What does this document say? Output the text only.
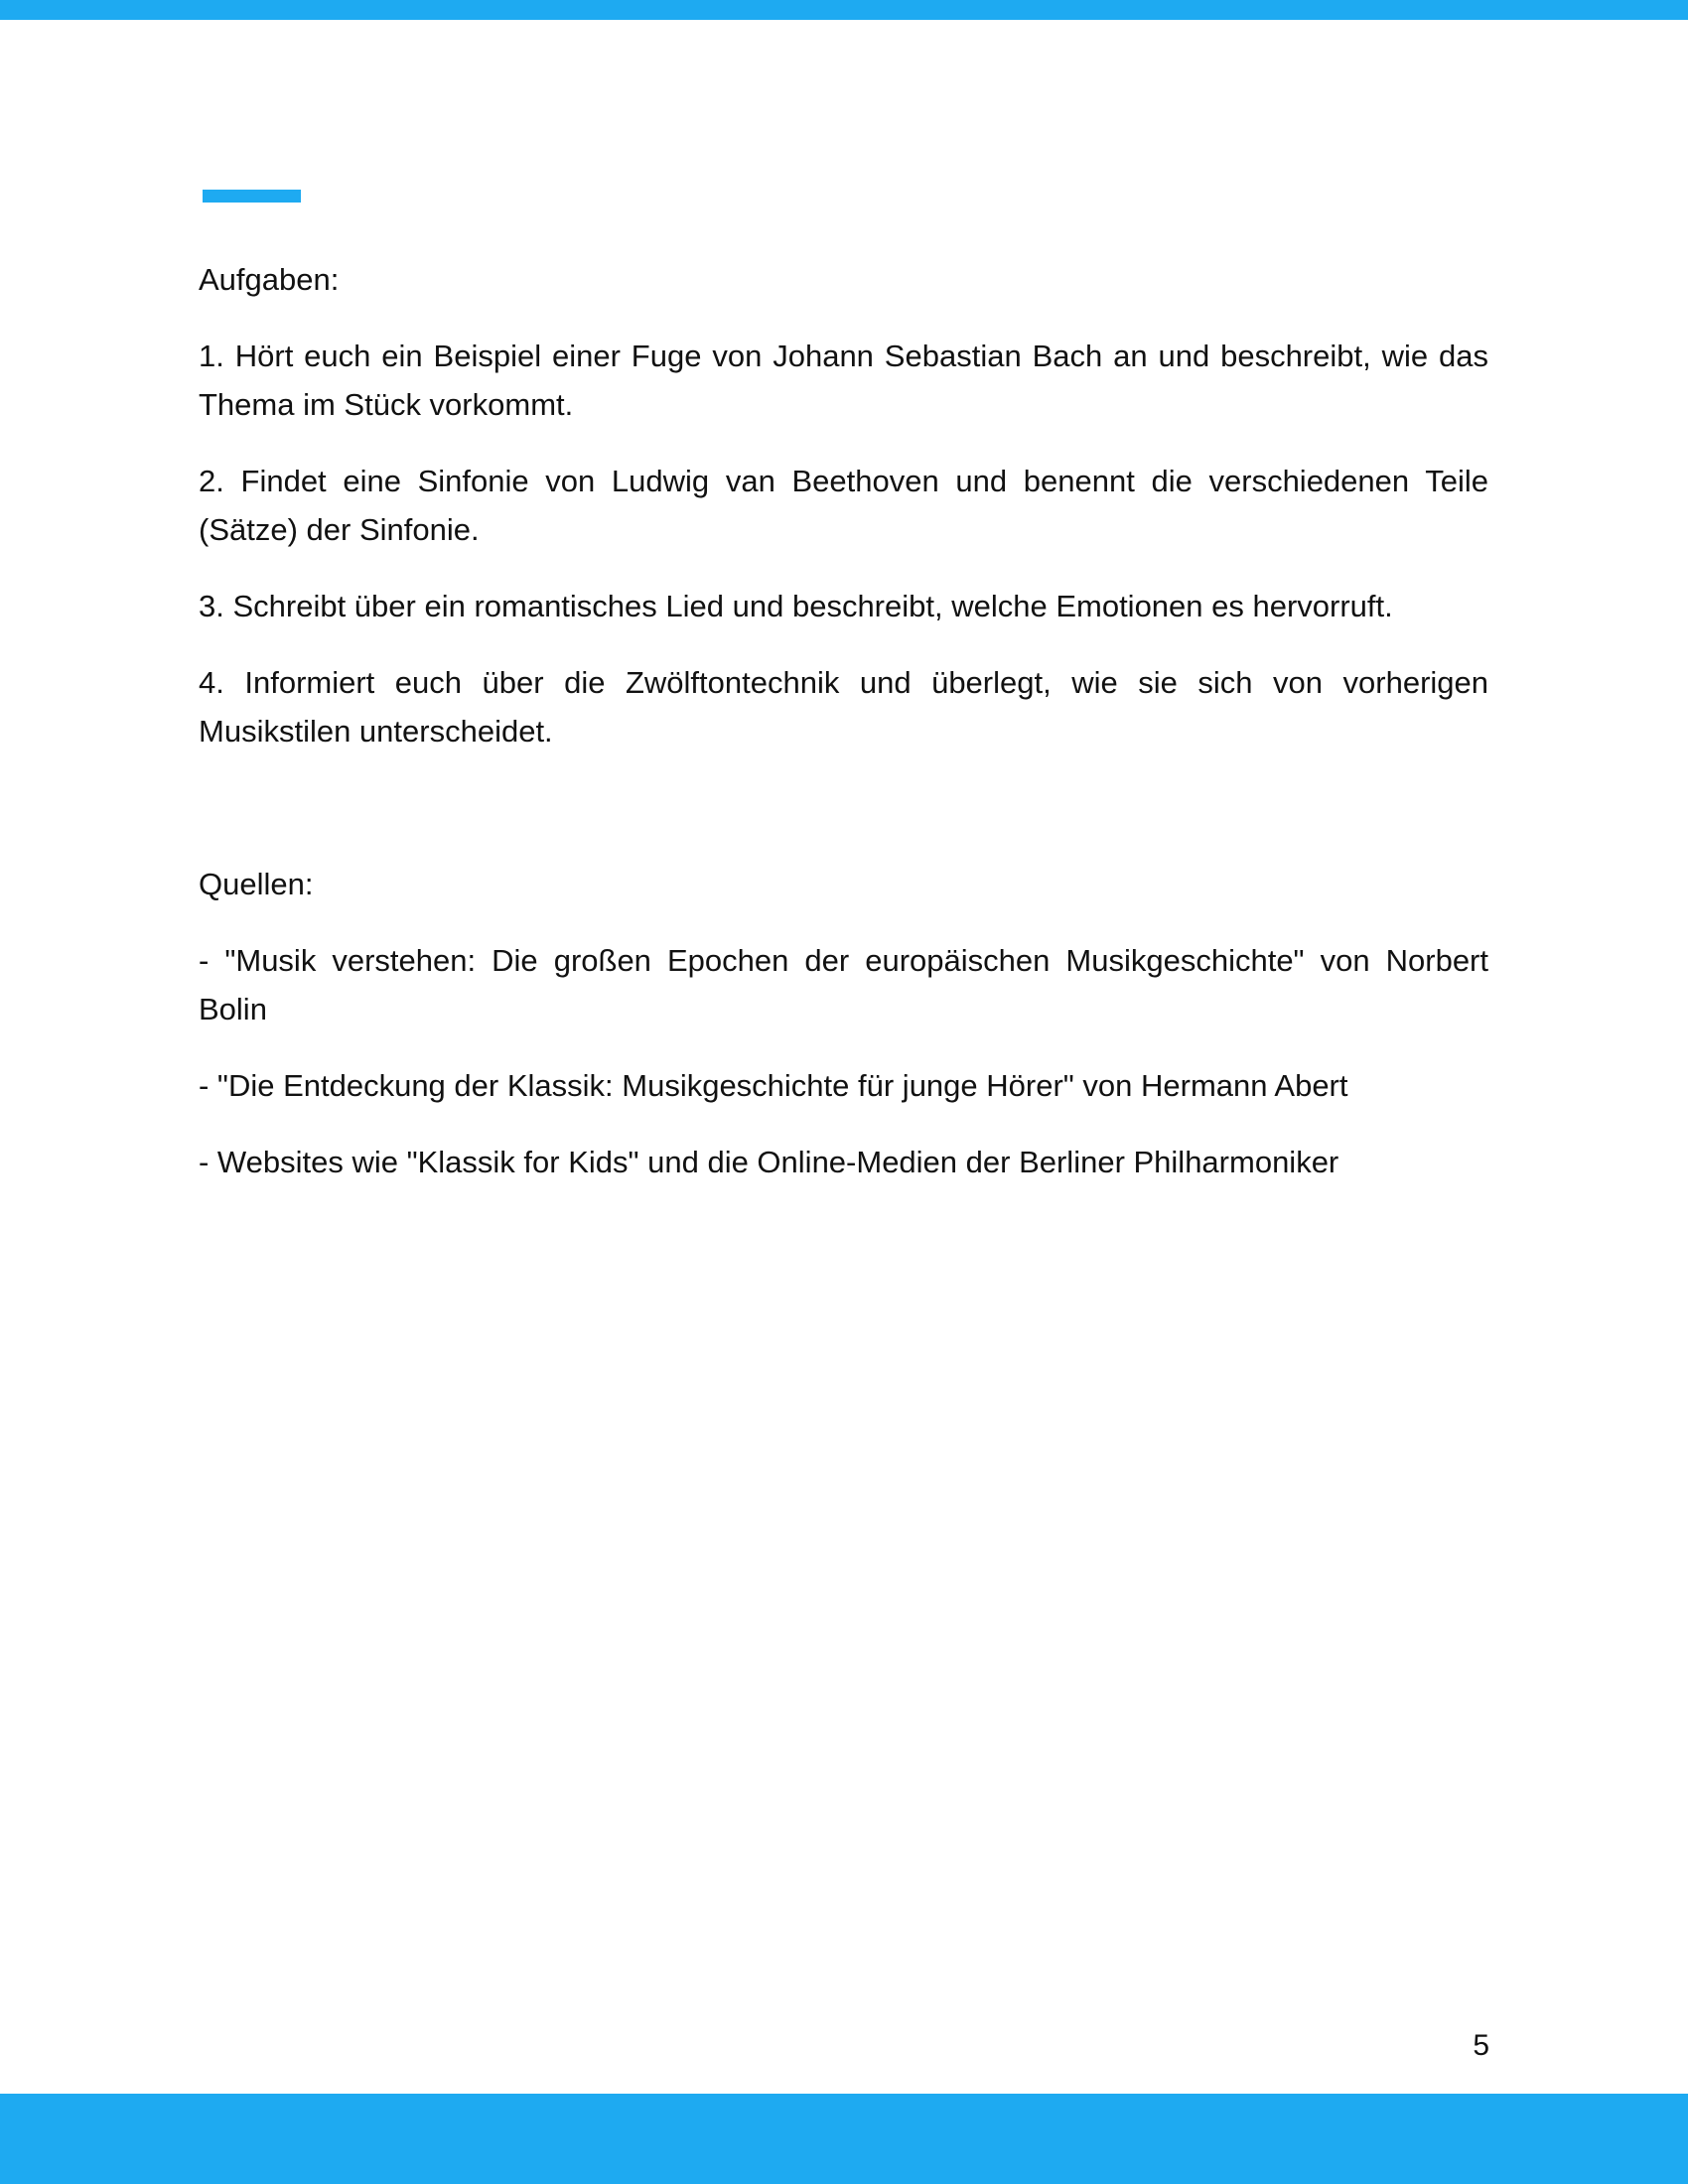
Aufgaben:

1. Hört euch ein Beispiel einer Fuge von Johann Sebastian Bach an und beschreibt, wie das Thema im Stück vorkommt.

2. Findet eine Sinfonie von Ludwig van Beethoven und benennt die verschiedenen Teile (Sätze) der Sinfonie.

3. Schreibt über ein romantisches Lied und beschreibt, welche Emotionen es hervorruft.

4. Informiert euch über die Zwölftontechnik und überlegt, wie sie sich von vorherigen Musikstilen unterscheidet.

Quellen:

- "Musik verstehen: Die großen Epochen der europäischen Musikgeschichte" von Norbert Bolin

- "Die Entdeckung der Klassik: Musikgeschichte für junge Hörer" von Hermann Abert

- Websites wie "Klassik for Kids" und die Online-Medien der Berliner Philharmoniker

5
